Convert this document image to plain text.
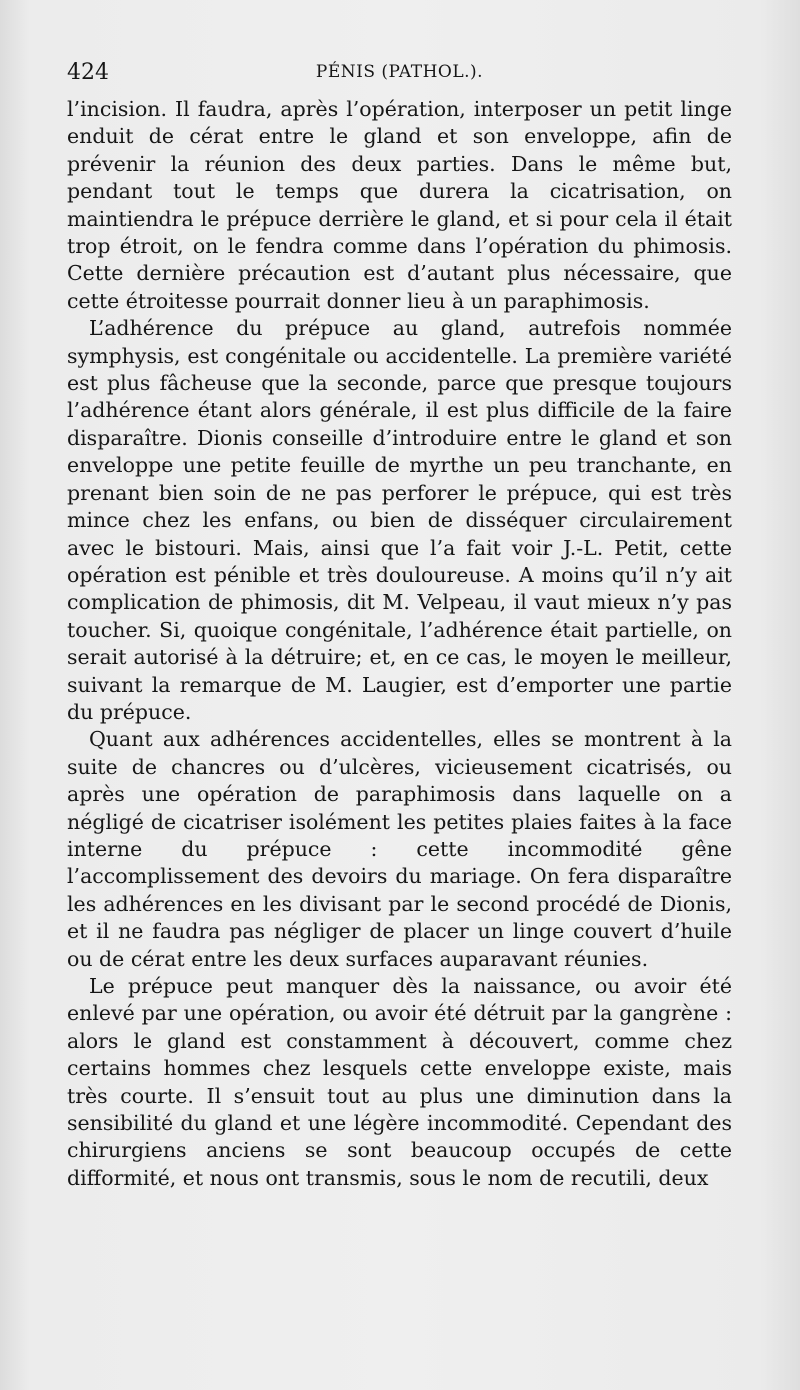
424	PÉNIS (PATHOL.).

l’incision. Il faudra, après l’opération, interposer un petit linge enduit de cérat entre le gland et son enveloppe, afin de prévenir la réunion des deux parties. Dans le même but, pendant tout le temps que durera la cicatrisation, on maintiendra le prépuce derrière le gland, et si pour cela il était trop étroit, on le fendra comme dans l’opération du phimosis. Cette dernière précaution est d’autant plus nécessaire, que cette étroitesse pourrait donner lieu à un paraphimosis.

L’adhérence du prépuce au gland, autrefois nommée symphysis, est congénitale ou accidentelle. La première variété est plus fâcheuse que la seconde, parce que presque toujours l’adhérence étant alors générale, il est plus difficile de la faire disparaître. Dionis conseille d’introduire entre le gland et son enveloppe une petite feuille de myrthe un peu tranchante, en prenant bien soin de ne pas perforer le prépuce, qui est très mince chez les enfans, ou bien de disséquer circulairement avec le bistouri. Mais, ainsi que l’a fait voir J.-L. Petit, cette opération est pénible et très douloureuse. A moins qu’il n’y ait complication de phimosis, dit M. Velpeau, il vaut mieux n’y pas toucher. Si, quoique congénitale, l’adhérence était partielle, on serait autorisé à la détruire; et, en ce cas, le moyen le meilleur, suivant la remarque de M. Laugier, est d’emporter une partie du prépuce.

Quant aux adhérences accidentelles, elles se montrent à la suite de chancres ou d’ulcères, vicieusement cicatrisés, ou après une opération de paraphimosis dans laquelle on a négligé de cicatriser isolément les petites plaies faites à la face interne du prépuce : cette incommodité gêne l’accomplissement des devoirs du mariage. On fera disparaître les adhérences en les divisant par le second procédé de Dionis, et il ne faudra pas négliger de placer un linge couvert d’huile ou de cérat entre les deux surfaces auparavant réunies.

Le prépuce peut manquer dès la naissance, ou avoir été enlevé par une opération, ou avoir été détruit par la gangrène : alors le gland est constamment à découvert, comme chez certains hommes chez lesquels cette enveloppe existe, mais très courte. Il s’ensuit tout au plus une diminution dans la sensibilité du gland et une légère incommodité. Cependant des chirurgiens anciens se sont beaucoup occupés de cette difformité, et nous ont transmis, sous le nom de recutili, deux
